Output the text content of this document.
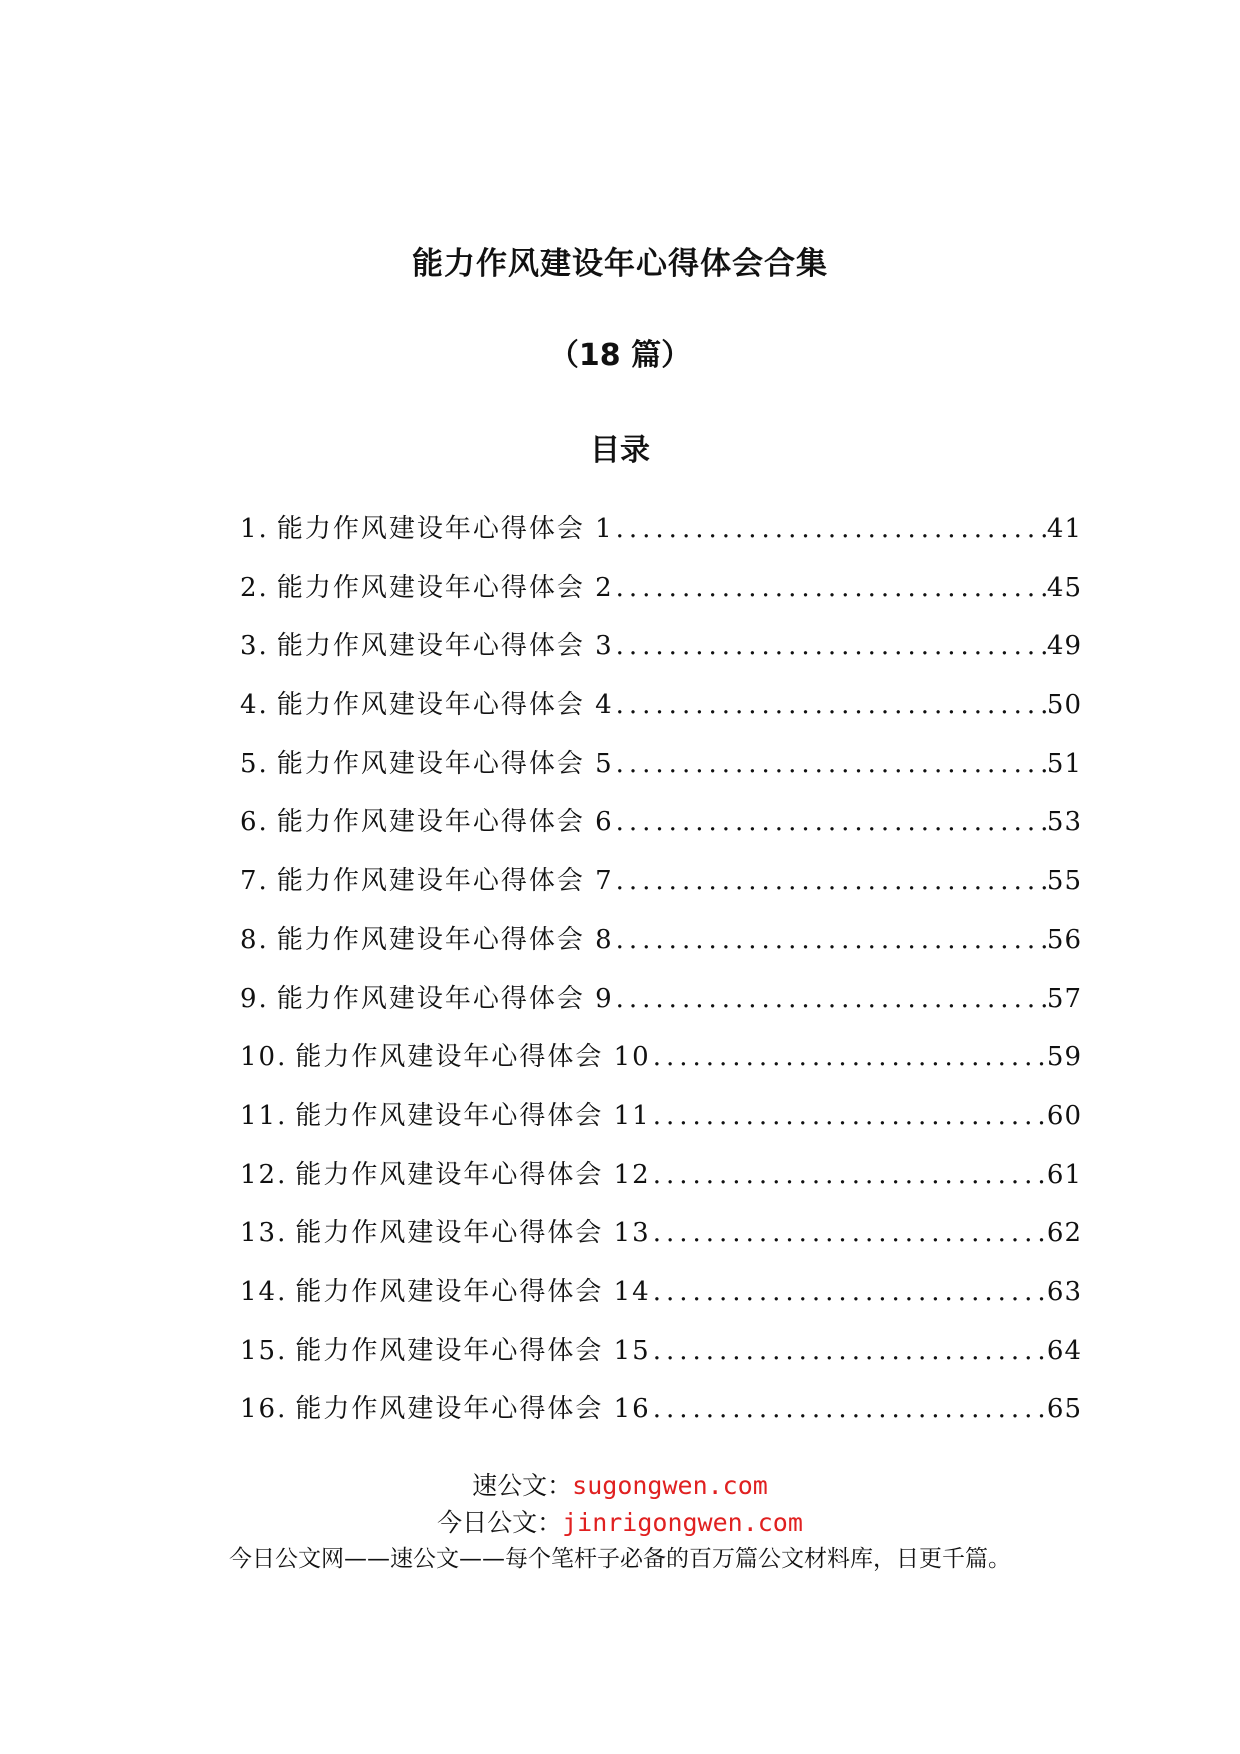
能力作风建设年心得体会合集
（18 篇）
目录
1. 能力作风建设年心得体会 1 .....	41
2. 能力作风建设年心得体会 2 .....	45
3. 能力作风建设年心得体会 3 .....	49
4. 能力作风建设年心得体会 4 .....	50
5. 能力作风建设年心得体会 5 .....	51
6. 能力作风建设年心得体会 6 .....	53
7. 能力作风建设年心得体会 7 .....	55
8. 能力作风建设年心得体会 8 .....	56
9. 能力作风建设年心得体会 9 .....	57
10. 能力作风建设年心得体会 10 .....	59
11. 能力作风建设年心得体会 11 .....	60
12. 能力作风建设年心得体会 12 .....	61
13. 能力作风建设年心得体会 13 .....	62
14. 能力作风建设年心得体会 14 .....	63
15. 能力作风建设年心得体会 15 .....	64
16. 能力作风建设年心得体会 16 .....	65
速公文：sugongwen.com
今日公文：jinrigongwen.com
今日公文网——速公文——每个笔杆子必备的百万篇公文材料库，日更千篇。
